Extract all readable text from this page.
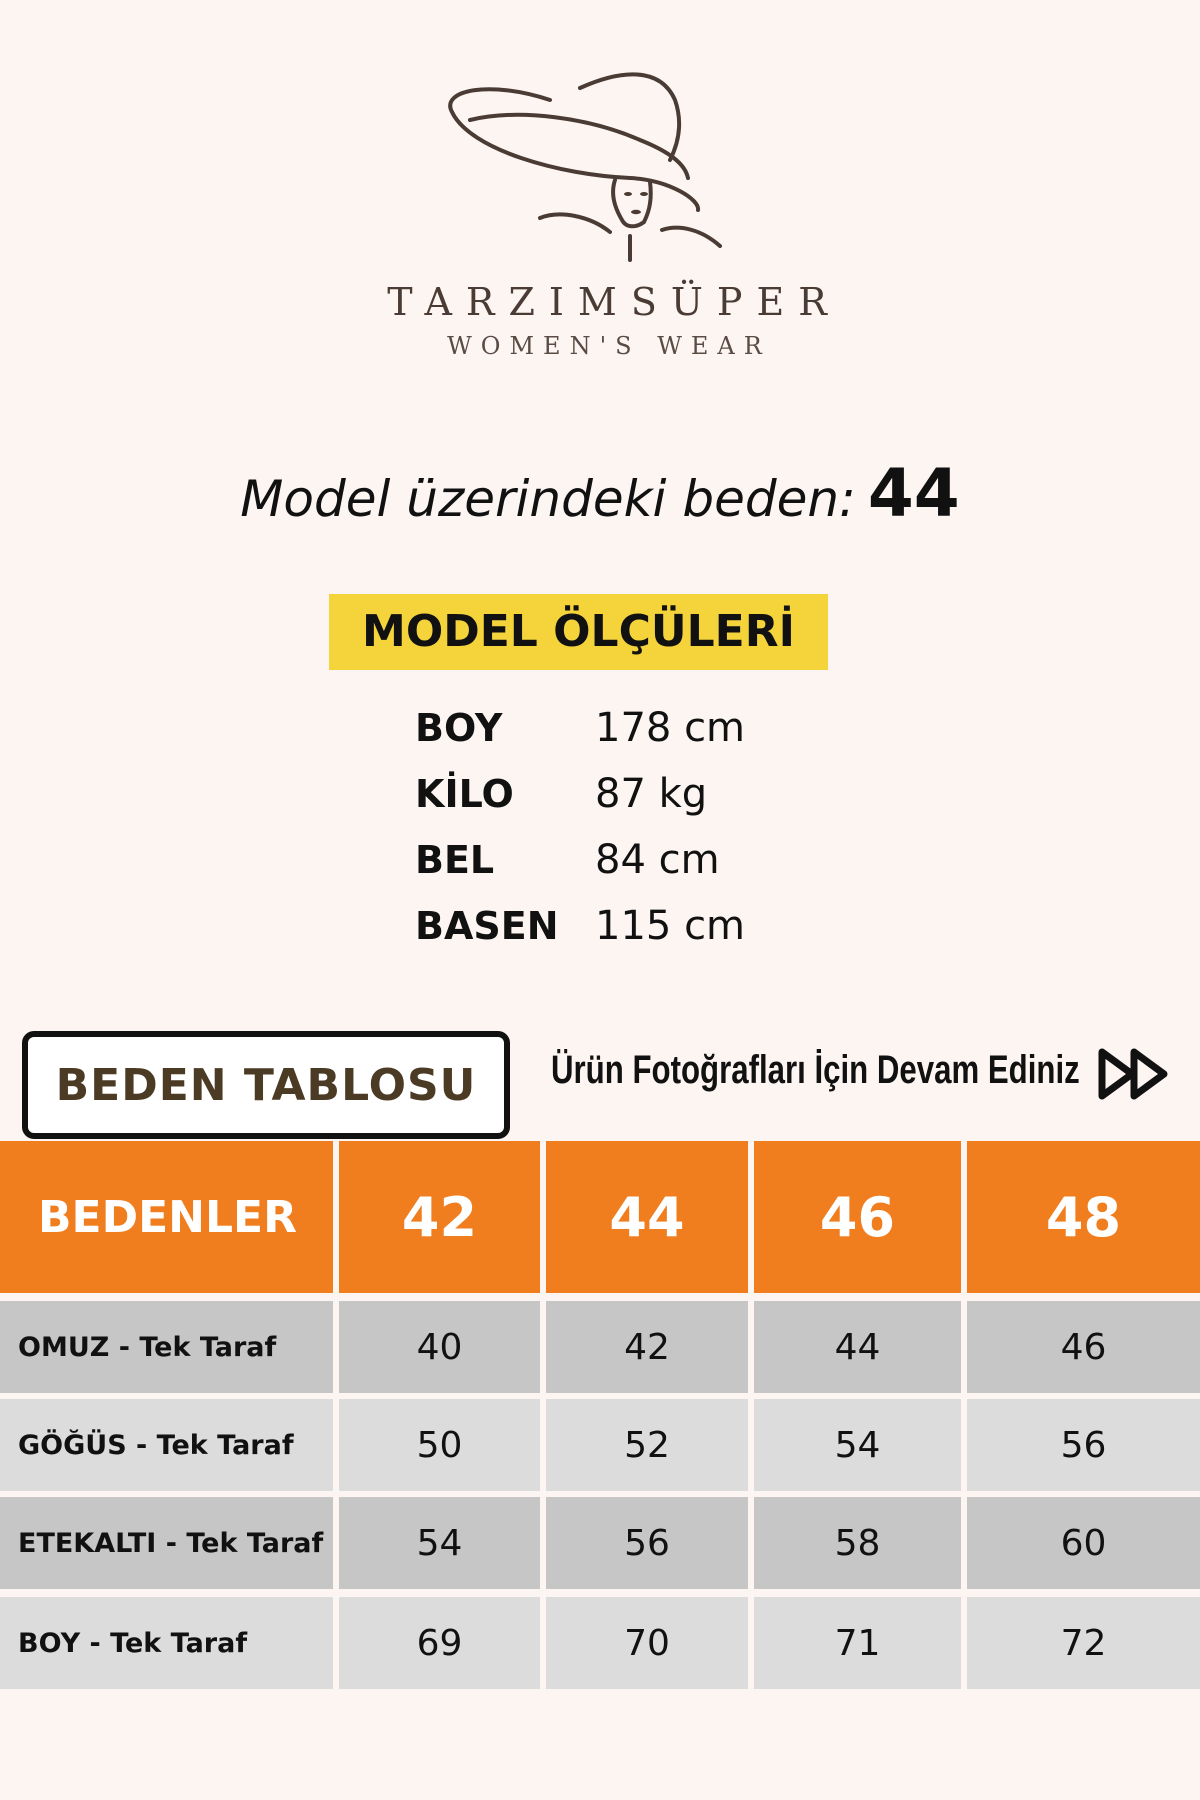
TARZIMSÜPER
WOMEN'S WEAR
Model üzerindeki beden: 44
MODEL ÖLÇÜLERİ
BOY	178 cm
KİLO	87 kg
BEL	84 cm
BASEN 115 cm
BEDEN TABLOSU	Ürün Fotoğrafları İçin Devam Ediniz
BEDENLER	42	44	46	48
OMUZ - Tek Taraf	40	42	44	46
GÖĞÜS - Tek Taraf	50	52	54	56
ETEKALTI - Tek Taraf	54	56	58	60
BOY - Tek Taraf	69	70	71	72
